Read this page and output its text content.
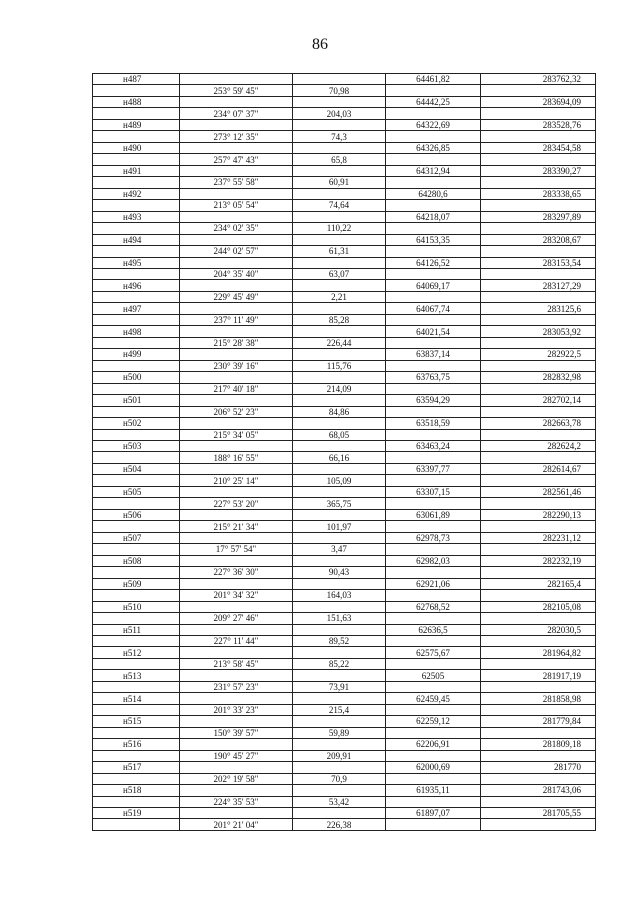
86
н487			64461,82	283762,32
	253° 59' 45"	70,98		
н488			64442,25	283694,09
	234° 07' 37"	204,03		
н489			64322,69	283528,76
	273° 12' 35"	74,3		
н490			64326,85	283454,58
	257° 47' 43"	65,8		
н491			64312,94	283390,27
	237° 55' 58"	60,91		
н492			64280,6	283338,65
	213° 05' 54"	74,64		
н493			64218,07	283297,89
	234° 02' 35"	110,22		
н494			64153,35	283208,67
	244° 02' 57"	61,31		
н495			64126,52	283153,54
	204° 35' 40"	63,07		
н496			64069,17	283127,29
	229° 45' 49"	2,21		
н497			64067,74	283125,6
	237° 11' 49"	85,28		
н498			64021,54	283053,92
	215° 28' 38"	226,44		
н499			63837,14	282922,5
	230° 39' 16"	115,76		
н500			63763,75	282832,98
	217° 40' 18"	214,09		
н501			63594,29	282702,14
	206° 52' 23"	84,86		
н502			63518,59	282663,78
	215° 34' 05"	68,05		
н503			63463,24	282624,2
	188° 16' 55"	66,16		
н504			63397,77	282614,67
	210° 25' 14"	105,09		
н505			63307,15	282561,46
	227° 53' 20"	365,75		
н506			63061,89	282290,13
	215° 21' 34"	101,97		
н507			62978,73	282231,12
	17° 57' 54"	3,47		
н508			62982,03	282232,19
	227° 36' 30"	90,43		
н509			62921,06	282165,4
	201° 34' 32"	164,03		
н510			62768,52	282105,08
	209° 27' 46"	151,63		
н511			62636,5	282030,5
	227° 11' 44"	89,52		
н512			62575,67	281964,82
	213° 58' 45"	85,22		
н513			62505	281917,19
	231° 57' 23"	73,91		
н514			62459,45	281858,98
	201° 33' 23"	215,4		
н515			62259,12	281779,84
	150° 39' 57"	59,89		
н516			62206,91	281809,18
	190° 45' 27"	209,91		
н517			62000,69	281770
	202° 19' 58"	70,9		
н518			61935,11	281743,06
	224° 35' 53"	53,42		
н519			61897,07	281705,55
	201° 21' 04"	226,38		
